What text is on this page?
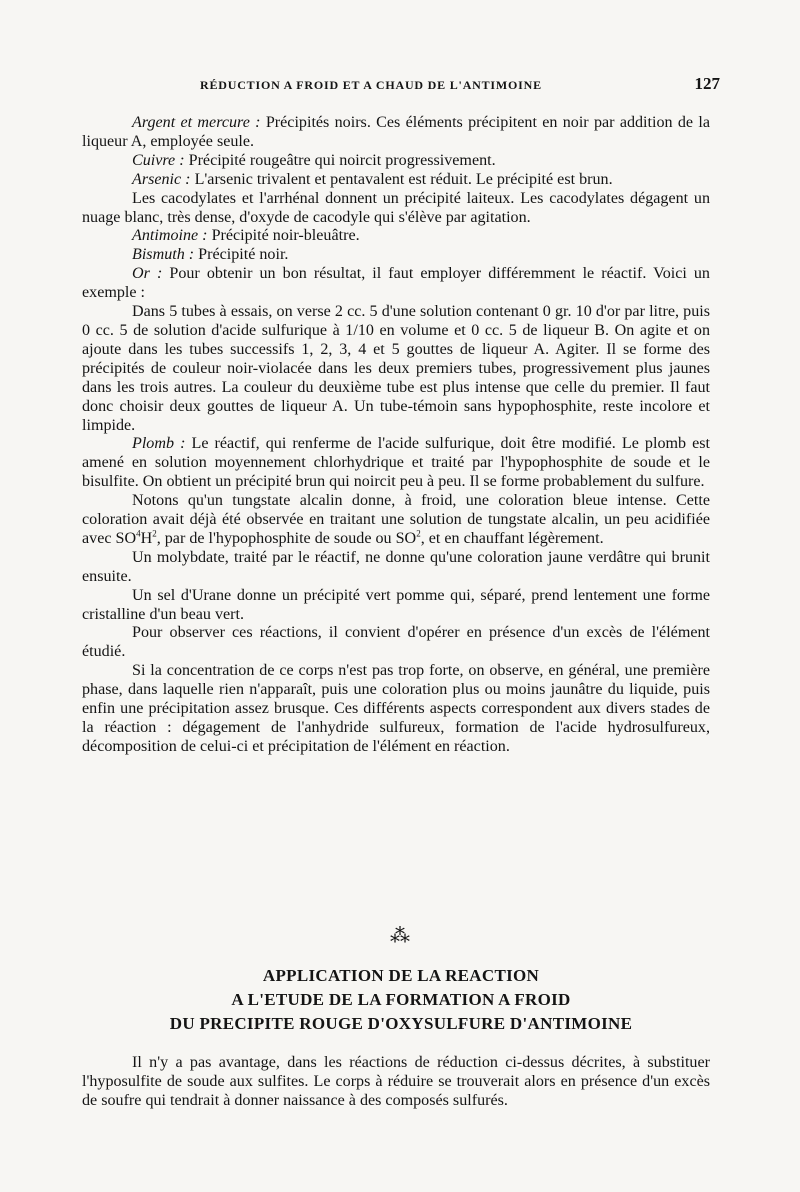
RÉDUCTION A FROID ET A CHAUD DE L'ANTIMOINE	127

Argent et mercure : Précipités noirs. Ces éléments précipitent en noir par addition de la liqueur A, employée seule.

Cuivre : Précipité rougeâtre qui noircit progressivement.

Arsenic : L'arsenic trivalent et pentavalent est réduit. Le précipité est brun.

Les cacodylates et l'arrhénal donnent un précipité laiteux. Les cacodylates dégagent un nuage blanc, très dense, d'oxyde de cacodyle qui s'élève par agitation.

Antimoine : Précipité noir-bleuâtre.

Bismuth : Précipité noir.

Or : Pour obtenir un bon résultat, il faut employer différemment le réactif. Voici un exemple :

Dans 5 tubes à essais, on verse 2 cc. 5 d'une solution contenant 0 gr. 10 d'or par litre, puis 0 cc. 5 de solution d'acide sulfurique à 1/10 en volume et 0 cc. 5 de liqueur B. On agite et on ajoute dans les tubes successifs 1, 2, 3, 4 et 5 gouttes de liqueur A. Agiter. Il se forme des précipités de couleur noir-violacée dans les deux premiers tubes, progressivement plus jaunes dans les trois autres. La couleur du deuxième tube est plus intense que celle du premier. Il faut donc choisir deux gouttes de liqueur A. Un tube-témoin sans hypophosphite, reste incolore et limpide.

Plomb : Le réactif, qui renferme de l'acide sulfurique, doit être modifié. Le plomb est amené en solution moyennement chlorhydrique et traité par l'hypophosphite de soude et le bisulfite. On obtient un précipité brun qui noircit peu à peu. Il se forme probablement du sulfure.

Notons qu'un tungstate alcalin donne, à froid, une coloration bleue intense. Cette coloration avait déjà été observée en traitant une solution de tungstate alcalin, un peu acidifiée avec $SO^4H^2$, par de l'hypophosphite de soude ou $SO^2$, et en chauffant légèrement.

Un molybdate, traité par le réactif, ne donne qu'une coloration jaune verdâtre qui brunit ensuite.

Un sel d'Urane donne un précipité vert pomme qui, séparé, prend lentement une forme cristalline d'un beau vert.

Pour observer ces réactions, il convient d'opérer en présence d'un excès de l'élément étudié.

Si la concentration de ce corps n'est pas trop forte, on observe, en général, une première phase, dans laquelle rien n'apparaît, puis une coloration plus ou moins jaunâtre du liquide, puis enfin une précipitation assez brusque. Ces différents aspects correspondent aux divers stades de la réaction : dégagement de l'anhydride sulfureux, formation de l'acide hydrosulfureux, décomposition de celui-ci et précipitation de l'élément en réaction.

⁂
APPLICATION DE LA REACTION
A L'ETUDE DE LA FORMATION A FROID
DU PRECIPITE ROUGE D'OXYSULFURE D'ANTIMOINE

Il n'y a pas avantage, dans les réactions de réduction ci-dessus décrites, à substituer l'hyposulfite de soude aux sulfites. Le corps à réduire se trouverait alors en présence d'un excès de soufre qui tendrait à donner naissance à des composés sulfurés.
